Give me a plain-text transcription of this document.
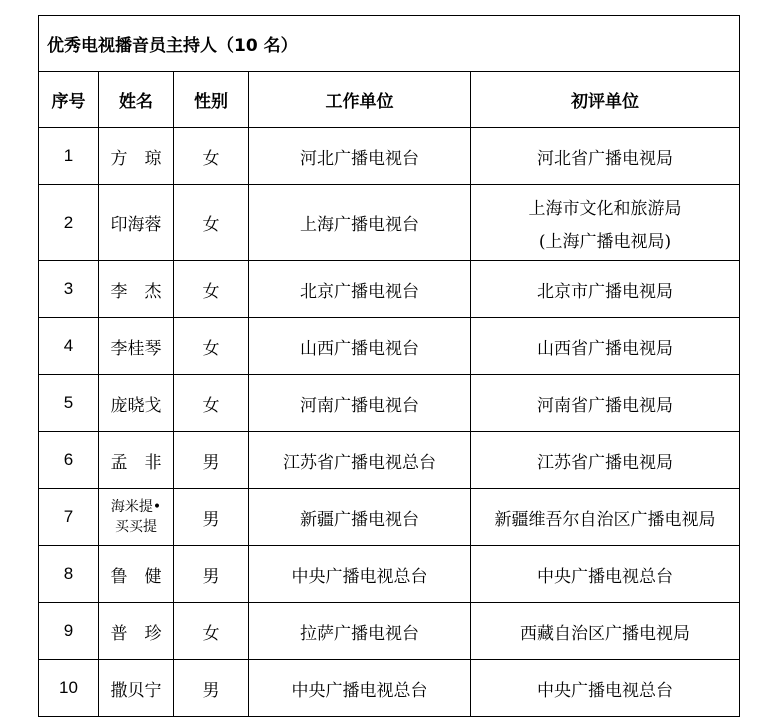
优秀电视播音员主持人（10 名）				
序号	姓名	性别	工作单位	初评单位
1	方　琼	女	河北广播电视台	河北省广播电视局
2	印海蓉	女	上海广播电视台	上海市文化和旅游局
(上海广播电视局)

3	李　杰	女	北京广播电视台	北京市广播电视局
4	李桂琴	女	山西广播电视台	山西省广播电视局
5	庞晓戈	女	河南广播电视台	河南省广播电视局
6	孟　非	男	江苏省广播电视总台	江苏省广播电视局
7	海米提•
买买提	男	新疆广播电视台	新疆维吾尔自治区广播电视局
8	鲁　健	男	中央广播电视总台	中央广播电视总台
9	普　珍	女	拉萨广播电视台	西藏自治区广播电视局
10	撒贝宁	男	中央广播电视总台	中央广播电视总台
